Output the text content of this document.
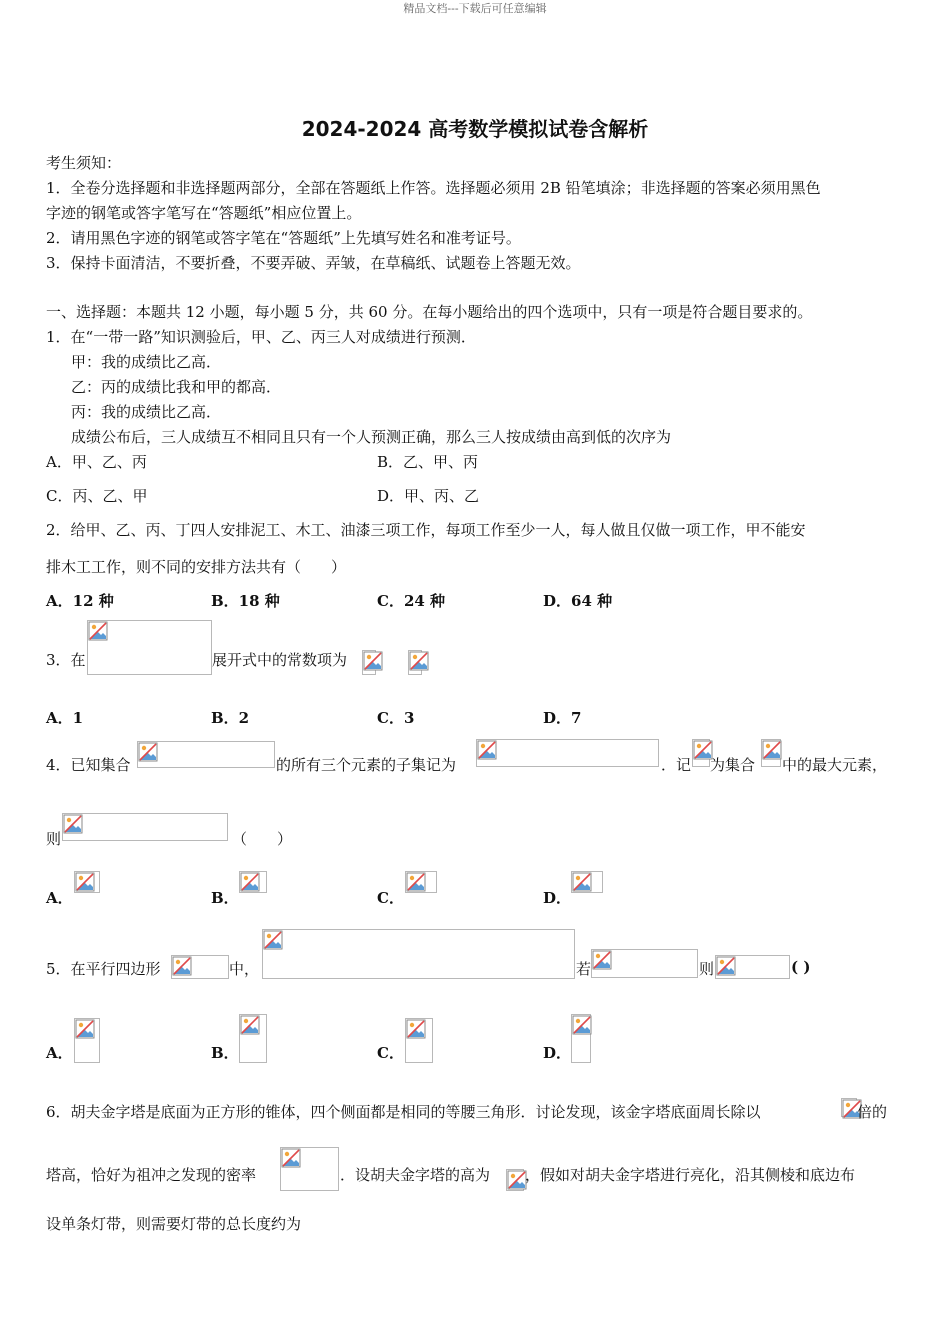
精品文档---下载后可任意编辑
2024-2024 高考数学模拟试卷含解析
考生须知：
1．全卷分选择题和非选择题两部分，全部在答题纸上作答。选择题必须用 2B 铅笔填涂；非选择题的答案必须用黑色
字迹的钢笔或答字笔写在“答题纸”相应位置上。
2．请用黑色字迹的钢笔或答字笔在“答题纸”上先填写姓名和准考证号。
3．保持卡面清洁，不要折叠，不要弄破、弄皱，在草稿纸、试题卷上答题无效。
一、选择题：本题共 12 小题，每小题 5 分，共 60 分。在每小题给出的四个选项中，只有一项是符合题目要求的。
1．在“一带一路”知识测验后，甲、乙、丙三人对成绩进行预测．
甲：我的成绩比乙高．
乙：丙的成绩比我和甲的都高．
丙：我的成绩比乙高．
成绩公布后，三人成绩互不相同且只有一个人预测正确，那么三人按成绩由高到低的次序为
A．甲、乙、丙	B．乙、甲、丙
C．丙、乙、甲	D．甲、丙、乙
2．给甲、乙、丙、丁四人安排泥工、木工、油漆三项工作，每项工作至少一人，每人做且仅做一项工作，甲不能安
排木工工作，则不同的安排方法共有（　　）
A．12 种	B．18 种	C．24 种	D．64 种
3．在	展开式中的常数项为
A．1	B．2	C．3	D．7
4．已知集合	的所有三个元素的子集记为	．记 为集合 中的最大元素，
则	（　　）
A．	B．	C．	D．
5．在平行四边形	中，	若	则	( )
A．	B．	C．	D．
6．胡夫金字塔是底面为正方形的锥体，四个侧面都是相同的等腰三角形．讨论发现，该金字塔底面周长除以	倍的
塔高，恰好为祖冲之发现的密率	．设胡夫金字塔的高为 ，假如对胡夫金字塔进行亮化，沿其侧棱和底边布
设单条灯带，则需要灯带的总长度约为
